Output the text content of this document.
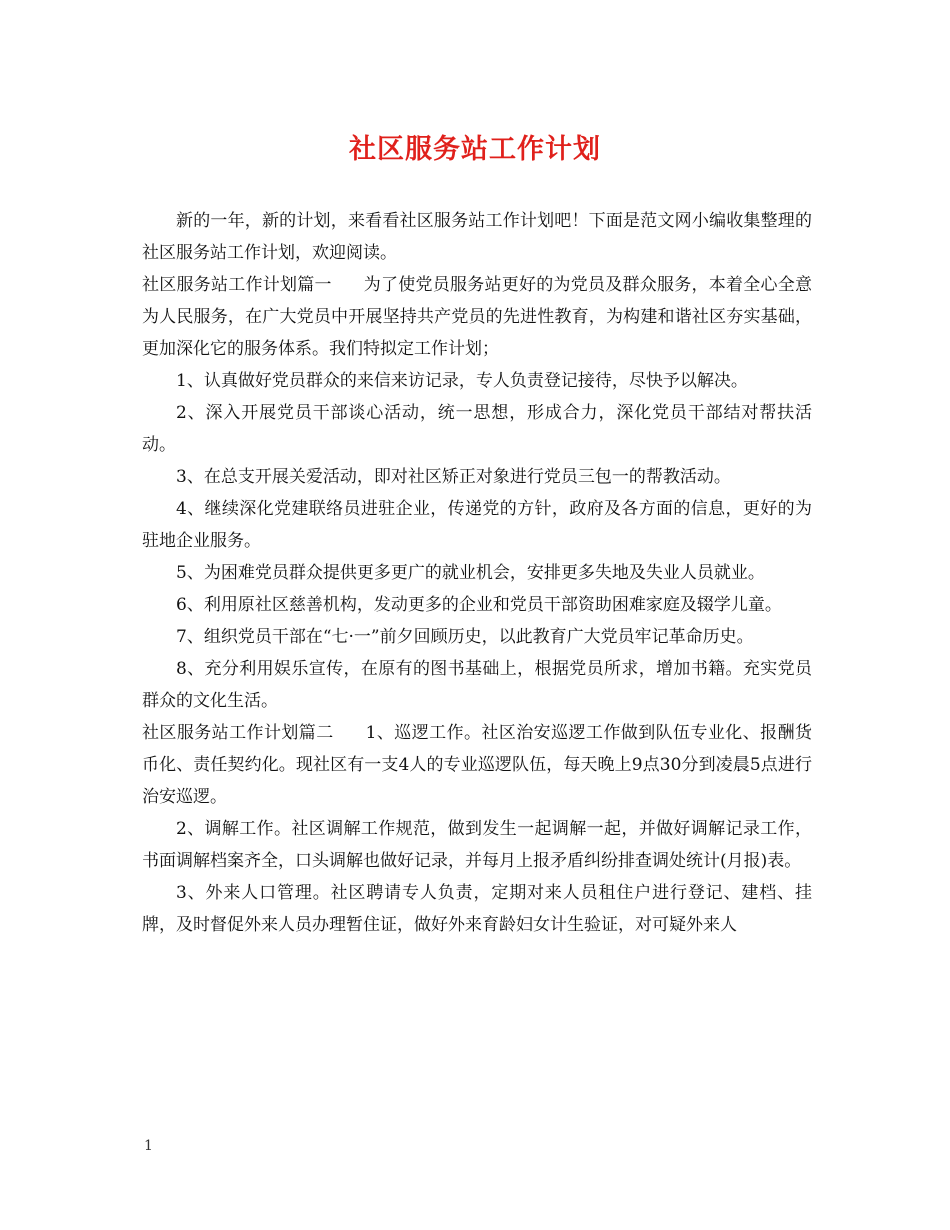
社区服务站工作计划

新的一年，新的计划，来看看社区服务站工作计划吧！下面是范文网小编收集整理的社区服务站工作计划，欢迎阅读。

社区服务站工作计划篇一 为了使党员服务站更好的为党员及群众服务，本着全心全意为人民服务，在广大党员中开展坚持共产党员的先进性教育，为构建和谐社区夯实基础，更加深化它的服务体系。我们特拟定工作计划；

1、认真做好党员群众的来信来访记录，专人负责登记接待，尽快予以解决。

2、深入开展党员干部谈心活动，统一思想，形成合力，深化党员干部结对帮扶活动。

3、在总支开展关爱活动，即对社区矫正对象进行党员三包一的帮教活动。

4、继续深化党建联络员进驻企业，传递党的方针，政府及各方面的信息，更好的为驻地企业服务。

5、为困难党员群众提供更多更广的就业机会，安排更多失地及失业人员就业。

6、利用原社区慈善机构，发动更多的企业和党员干部资助困难家庭及辍学儿童。

7、组织党员干部在“七·一”前夕回顾历史，以此教育广大党员牢记革命历史。

8、充分利用娱乐宣传，在原有的图书基础上，根据党员所求，增加书籍。充实党员群众的文化生活。

社区服务站工作计划篇二 1、巡逻工作。社区治安巡逻工作做到队伍专业化、报酬货币化、责任契约化。现社区有一支4人的专业巡逻队伍，每天晚上9点30分到凌晨5点进行治安巡逻。

2、调解工作。社区调解工作规范，做到发生一起调解一起，并做好调解记录工作，书面调解档案齐全，口头调解也做好记录，并每月上报矛盾纠纷排查调处统计(月报)表。

3、外来人口管理。社区聘请专人负责，定期对来人员租住户进行登记、建档、挂牌，及时督促外来人员办理暂住证，做好外来育龄妇女计生验证，对可疑外来人

1
